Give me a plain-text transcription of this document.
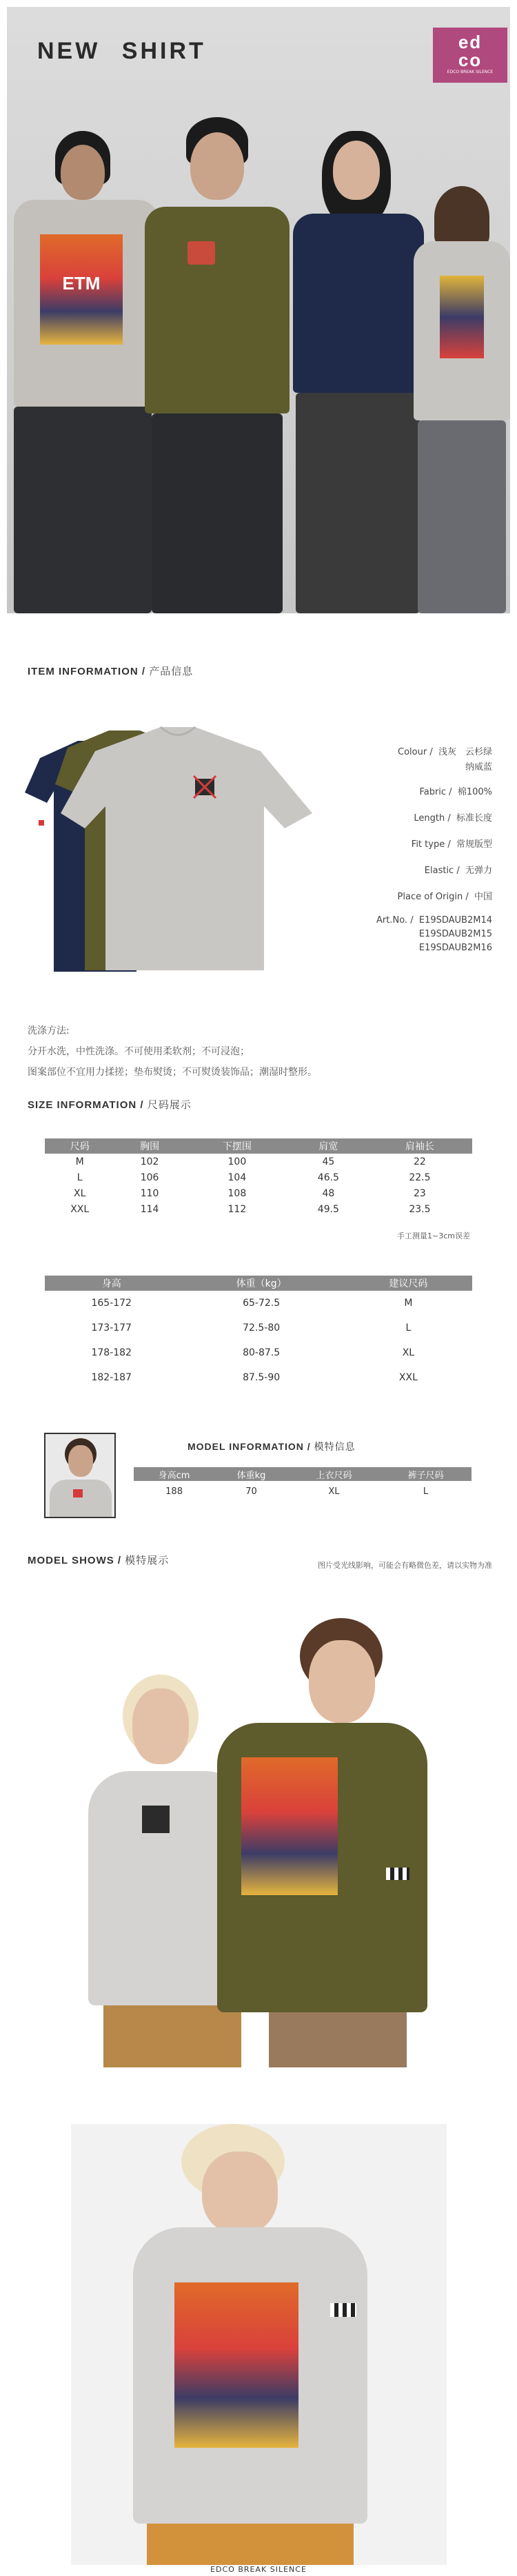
NEW SHIRT	ed
co
EDCO BREAK SILENCE
ETM
ITEM INFORMATION / 产品信息
Colour /  浅灰　云杉绿
纳威蓝
Fabric /  棉100%
Length /  标准长度
Fit type /  常规版型
Elastic /  无弹力
Place of Origin /  中国
Art.No. /  E19SDAUB2M14
E19SDAUB2M15
E19SDAUB2M16
洗涤方法:
分开水洗，中性洗涤。不可使用柔软剂；不可浸泡；
图案部位不宜用力揉搓；垫布熨烫；不可熨烫装饰品；潮湿时整形。
SIZE INFORMATION / 尺码展示
尺码	胸围	下摆围	肩宽	肩袖长
M	102	100	45	22
L	106	104	46.5	22.5
XL	110	108	48	23
XXL	114	112	49.5	23.5
手工测量1~3cm误差
身高	体重（kg）	建议尺码
165-172	65-72.5	M
173-177	72.5-80	L
178-182	80-87.5	XL
182-187	87.5-90	XXL
MODEL INFORMATION / 模特信息
身高cm	体重kg	上衣尺码	裤子尺码
188	70	XL	L
MODEL SHOWS / 模特展示	图片受光线影响，可能会有略微色差，请以实物为准
EDCO BREAK SILENCE
